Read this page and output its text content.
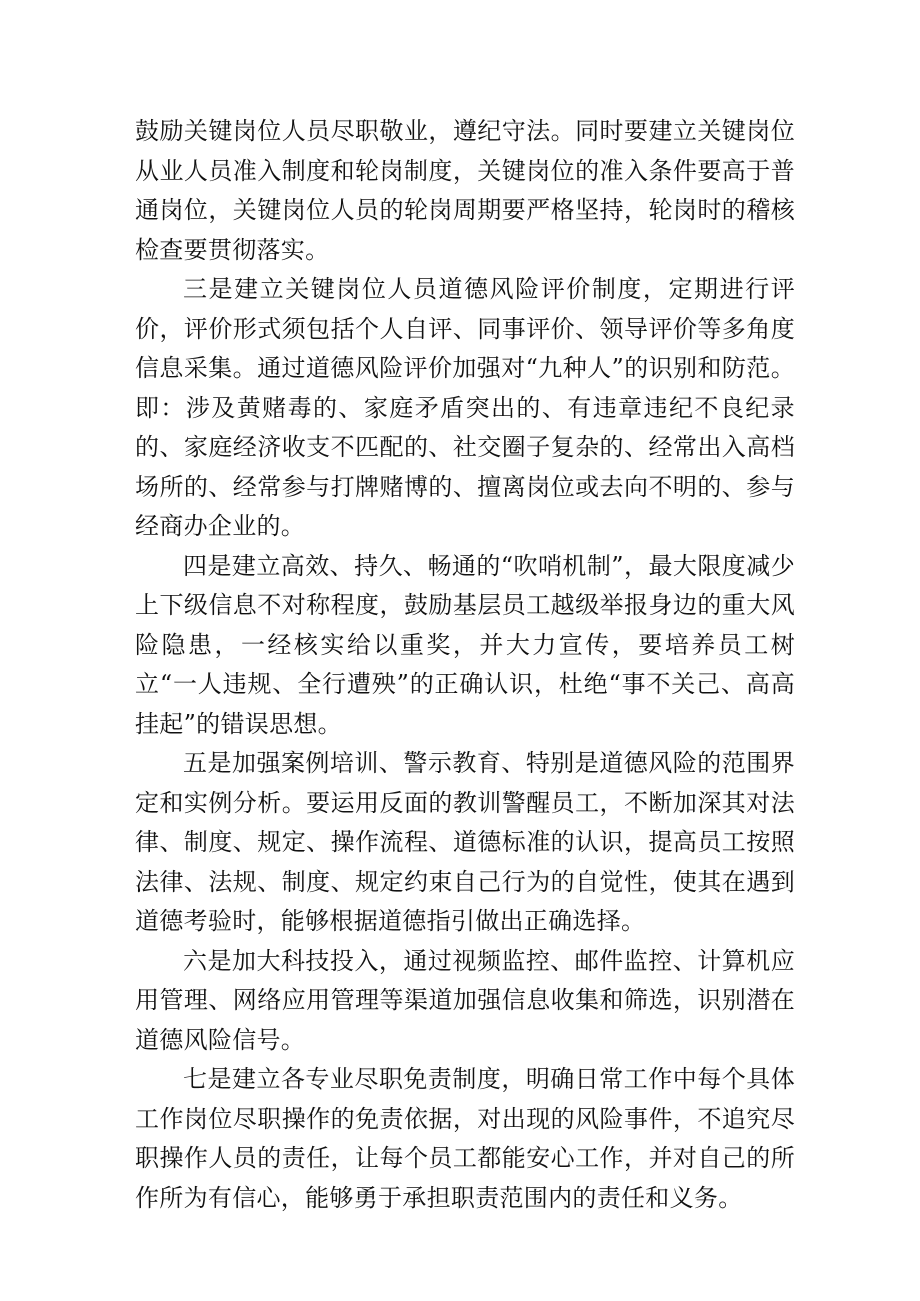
鼓励关键岗位人员尽职敬业，遵纪守法。同时要建立关键岗位从业人员准入制度和轮岗制度，关键岗位的准入条件要高于普通岗位，关键岗位人员的轮岗周期要严格坚持，轮岗时的稽核检查要贯彻落实。

三是建立关键岗位人员道德风险评价制度，定期进行评价，评价形式须包括个人自评、同事评价、领导评价等多角度信息采集。通过道德风险评价加强对“九种人”的识别和防范。即：涉及黄赌毒的、家庭矛盾突出的、有违章违纪不良纪录的、家庭经济收支不匹配的、社交圈子复杂的、经常出入高档场所的、经常参与打牌赌博的、擅离岗位或去向不明的、参与经商办企业的。

四是建立高效、持久、畅通的“吹哨机制”，最大限度减少上下级信息不对称程度，鼓励基层员工越级举报身边的重大风险隐患，一经核实给以重奖，并大力宣传，要培养员工树立“一人违规、全行遭殃”的正确认识，杜绝“事不关己、高高挂起”的错误思想。

五是加强案例培训、警示教育、特别是道德风险的范围界定和实例分析。要运用反面的教训警醒员工，不断加深其对法律、制度、规定、操作流程、道德标准的认识，提高员工按照法律、法规、制度、规定约束自己行为的自觉性，使其在遇到道德考验时，能够根据道德指引做出正确选择。

六是加大科技投入，通过视频监控、邮件监控、计算机应用管理、网络应用管理等渠道加强信息收集和筛选，识别潜在道德风险信号。

七是建立各专业尽职免责制度，明确日常工作中每个具体工作岗位尽职操作的免责依据，对出现的风险事件，不追究尽职操作人员的责任，让每个员工都能安心工作，并对自己的所作所为有信心，能够勇于承担职责范围内的责任和义务。
